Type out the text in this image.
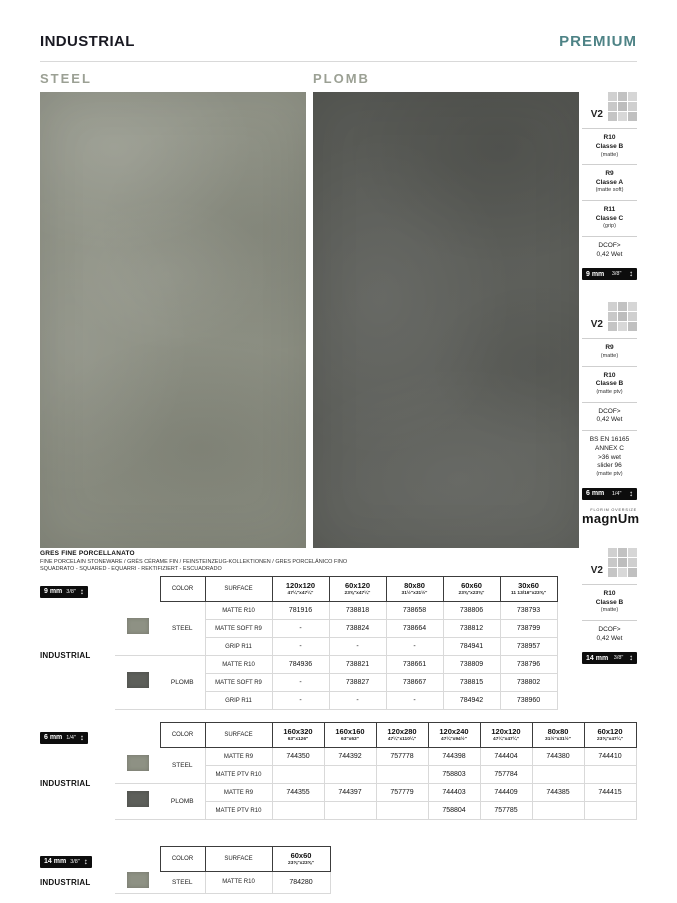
INDUSTRIAL	PREMIUM
STEEL	PLOMB
V2
R10
Classe B
(matte)
R9
Classe A
(matte soft)
R11
Classe C
(grip)
DCOF>
0,42 Wet
9 mm 3/8" ↕
V2
R9
(matte)
R10
Classe B
(matte ptv)
DCOF>
0,42 Wet
BS EN 16165
ANNEX C
>36 wet
slider 96
(matte ptv)
6 mm 1/4" ↕
FLORIM OVERSIZE
magnUm
V2
R10
Classe B
(matte)
DCOF>
0,42 Wet
14 mm 3/8" ↕
GRES FINE PORCELLANATO
FINE PORCELAIN STONEWARE / GRÈS CÉRAME FIN / FEINSTEINZEUG-KOLLEKTIONEN / GRES PORCELÁNICO FINO
SQUADRATO - SQUARED - EQUARRI - REKTIFIZIERT - ESCUADRADO
9 mm 3/8" ↕		COLOR	SURFACE	120x120
47¼"x47¼"

60x120
23⅝"x47¼"

80x80
31½"x31½"

60x60
23⅝"x23⅝"

30x60
11 13/16"x23⅝"

INDUSTRIAL		STEEL	MATTE R10	781916	738818	738658	738806	738793
			MATTE SOFT R9	-	738824	738664	738812	738799
			GRIP R11	-	-	-	784941	738957
		PLOMB	MATTE R10	784936	738821	738661	738809	738796
			MATTE SOFT R9	-	738827	738667	738815	738802
			GRIP R11	-	-	-	784942	738960
6 mm 1/4" ↕		COLOR	SURFACE	160x320
63"x126"

160x160
63"x63"

120x280
47¼"x110¼"

120x240
47¼"x94½"

120x120
47¼"x47¼"

80x80
31½"x31½"

60x120
23⅝"x47¼"

INDUSTRIAL		STEEL	MATTE R9	744350	744392	757778	744398	744404	744380	744410
			MATTE PTV R10				758803	757784		
		PLOMB	MATTE R9	744355	744397	757779	744403	744409	744385	744415
			MATTE PTV R10				758804	757785		
14 mm 3/8" ↕		COLOR	SURFACE	60x60
23⅝"x23⅝"

INDUSTRIAL		STEEL	MATTE R10	784280
